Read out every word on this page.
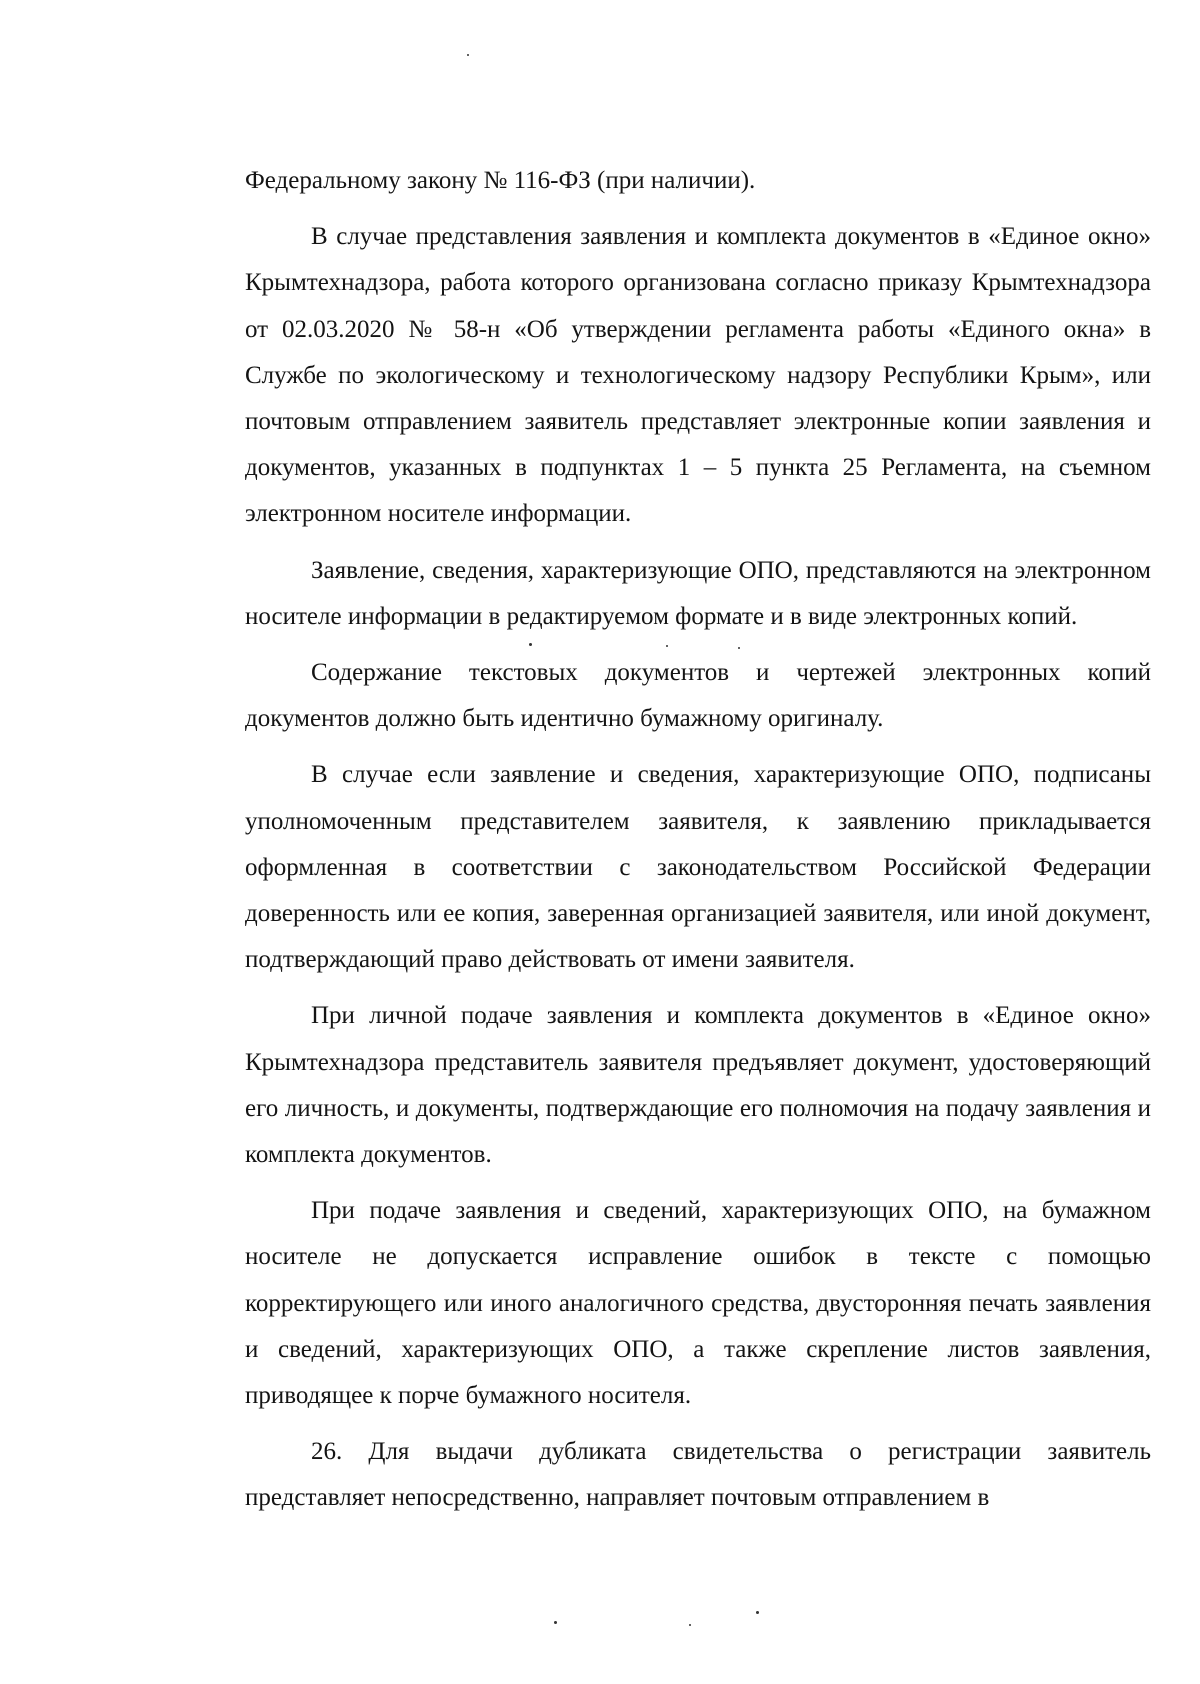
Федеральному закону № 116-ФЗ (при наличии).

В случае представления заявления и комплекта документов в «Единое окно» Крымтехнадзора, работа которого организована согласно приказу Крымтехнадзора от 02.03.2020 № 58-н «Об утверждении регламента работы «Единого окна» в Службе по экологическому и технологическому надзору Республики Крым», или почтовым отправлением заявитель представляет электронные копии заявления и документов, указанных в подпунктах 1 – 5 пункта 25 Регламента, на съемном электронном носителе информации.

Заявление, сведения, характеризующие ОПО, представляются на электронном носителе информации в редактируемом формате и в виде электронных копий.

Содержание текстовых документов и чертежей электронных копий документов должно быть идентично бумажному оригиналу.

В случае если заявление и сведения, характеризующие ОПО, подписаны уполномоченным представителем заявителя, к заявлению прикладывается оформленная в соответствии с законодательством Российской Федерации доверенность или ее копия, заверенная организацией заявителя, или иной документ, подтверждающий право действовать от имени заявителя.

При личной подаче заявления и комплекта документов в «Единое окно» Крымтехнадзора представитель заявителя предъявляет документ, удостоверяющий его личность, и документы, подтверждающие его полномочия на подачу заявления и комплекта документов.

При подаче заявления и сведений, характеризующих ОПО, на бумажном носителе не допускается исправление ошибок в тексте с помощью корректирующего или иного аналогичного средства, двусторонняя печать заявления и сведений, характеризующих ОПО, а также скрепление листов заявления, приводящее к порче бумажного носителя.

26. Для выдачи дубликата свидетельства о регистрации заявитель представляет непосредственно, направляет почтовым отправлением в
